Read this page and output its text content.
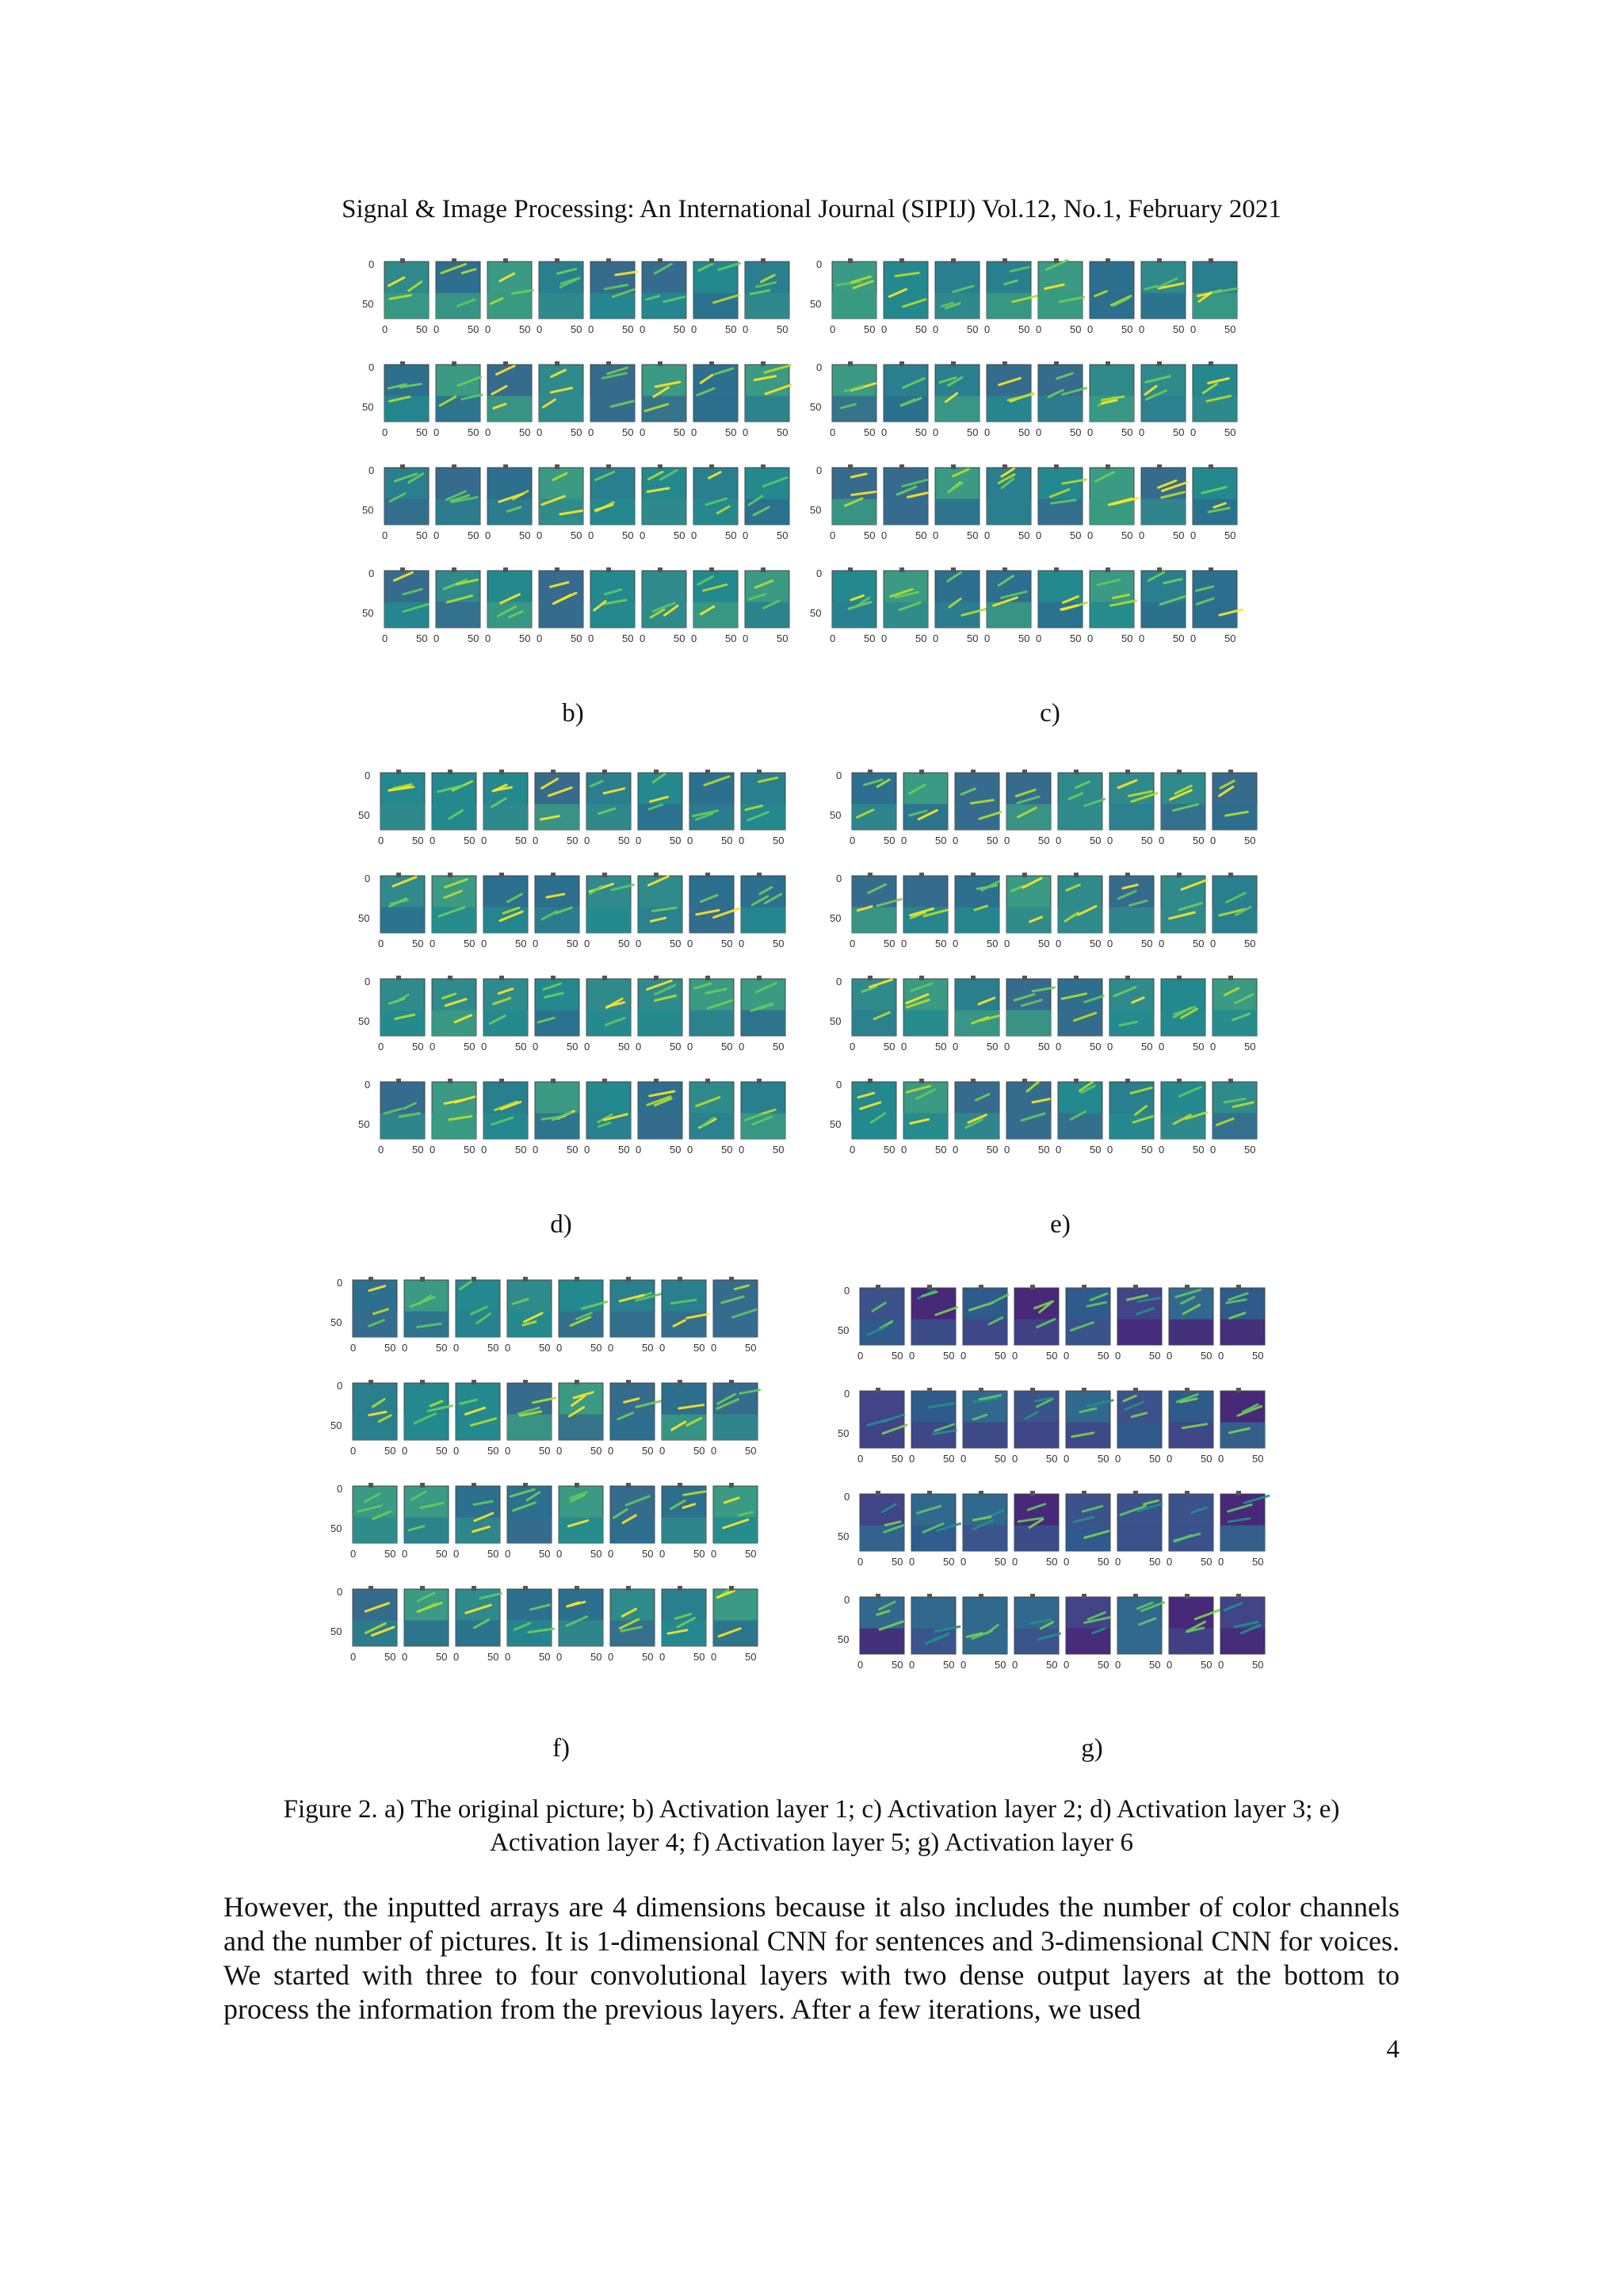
Signal & Image Processing: An International Journal (SIPIJ) Vol.12, No.1, February 2021
0
50
0	50 0	50 0	50 0	50 0	50 0	50 0	50 0	50
0
50
0	50 0	50 0	50 0	50 0	50 0	50 0	50 0	50
0
50
0	50 0	50 0	50 0	50 0	50 0	50 0	50 0	50
0
50
0	50 0	50 0	50 0	50 0	50 0	50 0	50 0	50
0
50
0	50 0	50 0	50 0	50 0	50 0	50 0	50 0	50
0
50
0	50 0	50 0	50 0	50 0	50 0	50 0	50 0	50
0
50
0	50 0	50 0	50 0	50 0	50 0	50 0	50 0	50
0
50
0	50 0	50 0	50 0	50 0	50 0	50 0	50 0	50
0
50
0	50 0	50 0	50 0	50 0	50 0	50 0	50 0	50
0
50
0	50 0	50 0	50 0	50 0	50 0	50 0	50 0	50
0
50
0	50 0	50 0	50 0	50 0	50 0	50 0	50 0	50
0
50
0	50 0	50 0	50 0	50 0	50 0	50 0	50 0	50
0
50
0	50 0	50 0	50 0	50 0	50 0	50 0	50 0	50
0
50
0	50 0	50 0	50 0	50 0	50 0	50 0	50 0	50
0
50
0	50 0	50 0	50 0	50 0	50 0	50 0	50 0	50
0
50
0	50 0	50 0	50 0	50 0	50 0	50 0	50 0	50
0
50
0	50 0	50 0	50 0	50 0	50 0	50 0	50 0	50
0
50
0	50 0	50 0	50 0	50 0	50 0	50 0	50 0	50
0
50
0	50 0	50 0	50 0	50 0	50 0	50 0	50 0	50
0
50
0	50 0	50 0	50 0	50 0	50 0	50 0	50 0	50
0
50
0	50 0	50 0	50 0	50 0	50 0	50 0	50 0	50
0
50
0	50 0	50 0	50 0	50 0	50 0	50 0	50 0	50
0
50
0	50 0	50 0	50 0	50 0	50 0	50 0	50 0	50
0
50
0	50 0	50 0	50 0	50 0	50 0	50 0	50 0	50
b)	c)
d)	e)
f)	g)
Figure 2. a) The original picture; b) Activation layer 1; c) Activation layer 2; d) Activation layer 3; e)
Activation layer 4; f) Activation layer 5; g) Activation layer 6
However, the inputted arrays are 4 dimensions because it also includes the number of color channels and the number of pictures. It is 1-dimensional CNN for sentences and 3-dimensional CNN for voices. We started with three to four convolutional layers with two dense output layers at the bottom to process the information from the previous layers. After a few iterations, we used
4
